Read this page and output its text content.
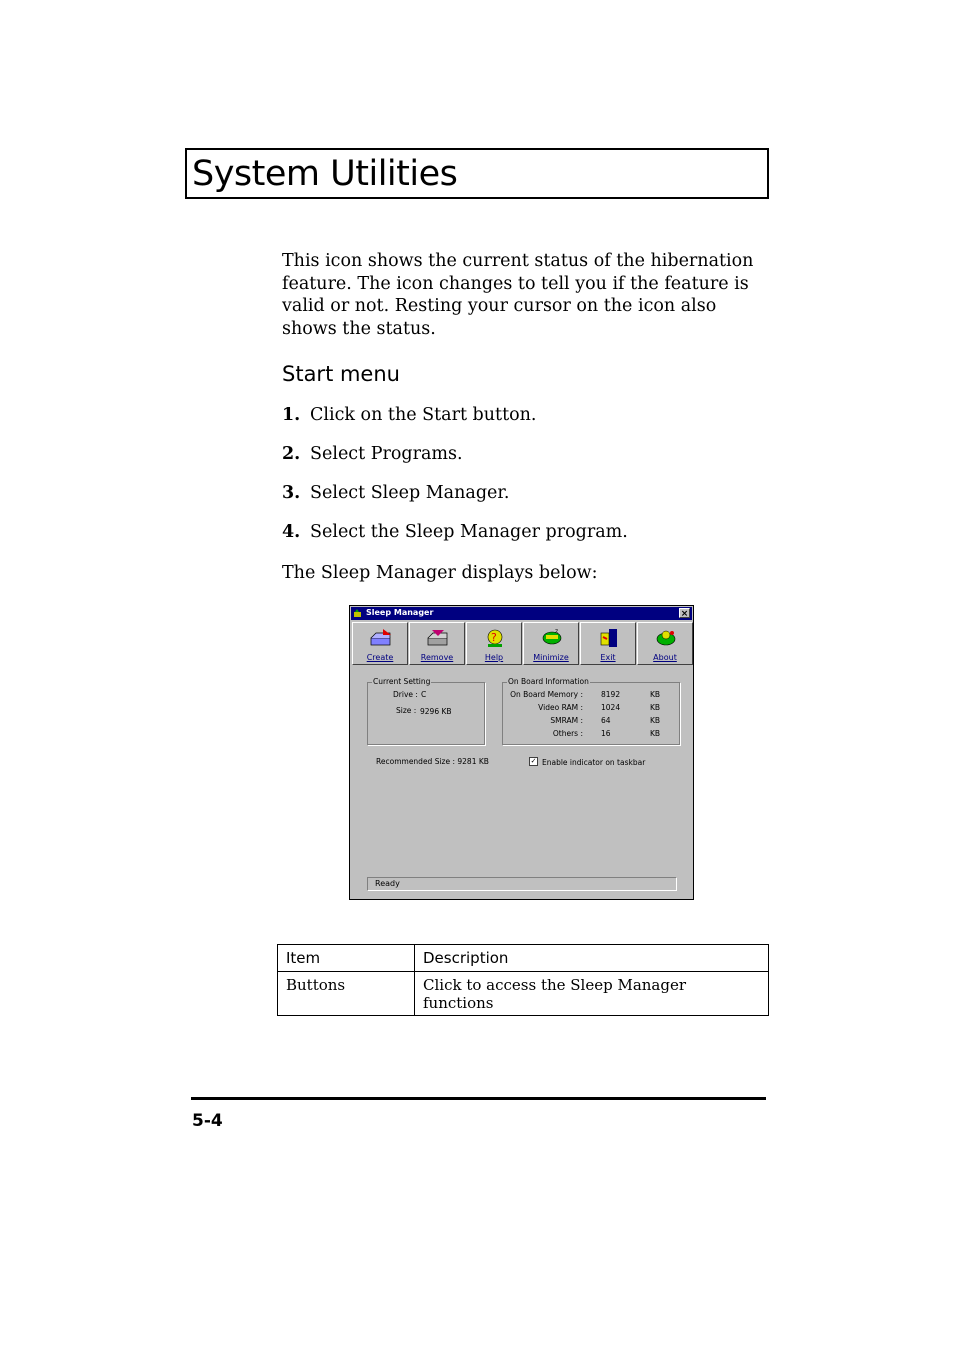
System Utilities

This icon shows the current status of the hibernation feature. The icon changes to tell you if the feature is valid or not. Resting your cursor on the icon also shows the status.

Start menu
1. Click on the Start button.
2. Select Programs.
3. Select Sleep Manager.
4. Select the Sleep Manager program.

The Sleep Manager displays below:

Sleep Manager	×
Create	Remove
?
Help
z
Minimize	Exit	About
Current Setting
Drive : C
Size : 9296 KB
On Board Information
On Board Memory : 8192	KB
Video RAM : 1024	KB
SMRAM : 64	KB
Others : 16	KB
Recommended Size : 9281 KB	✓ Enable indicator on taskbar
Ready
Item	Description
Buttons	Click to access the Sleep Manager functions
5-4
